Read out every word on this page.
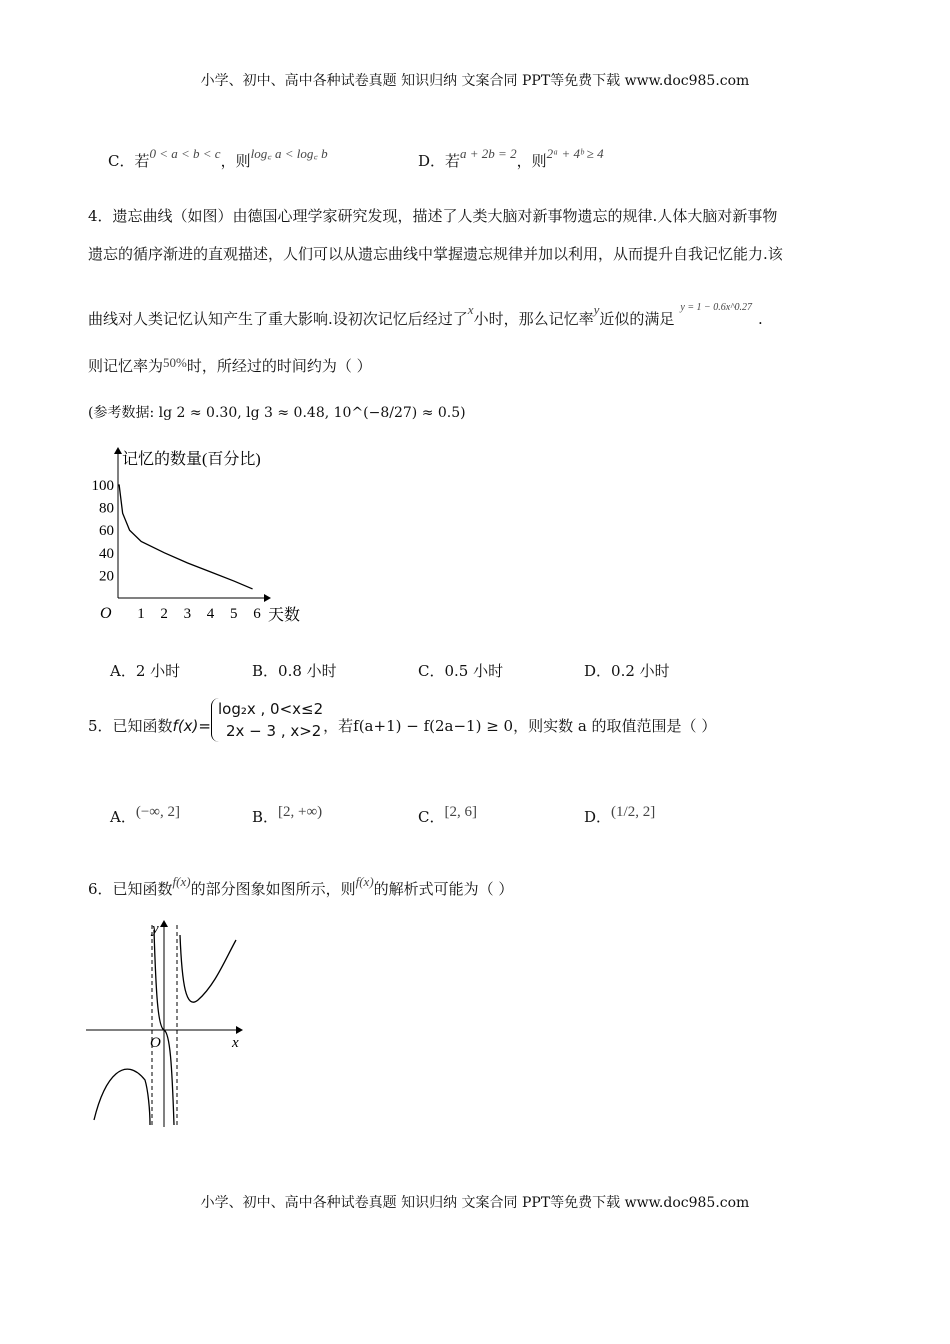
小学、初中、高中各种试卷真题 知识归纳 文案合同 PPT等免费下载 www.doc985.com
C．若0 < a < b < c，则log꜀ a < log꜀ b	D．若a + 2b = 2，则2ᵃ + 4ᵇ ≥ 4
4．遗忘曲线（如图）由德国心理学家研究发现，描述了人类大脑对新事物遗忘的规律.人体大脑对新事物
遗忘的循序渐进的直观描述，人们可以从遗忘曲线中掌握遗忘规律并加以利用，从而提升自我记忆能力.该
曲线对人类记忆认知产生了重大影响.设初次记忆后经过了x小时，那么记忆率y近似的满足$^{y = 1 - 0.6x\^{}0.27}$.
则记忆率为50%时，所经过的时间约为（ ）
(参考数据: lg 2 ≈ 0.30, lg 3 ≈ 0.48, 10^(−8/27) ≈ 0.5)
记忆的数量(百分比)
天数
O 1 2 3 4 5 6
20
40
60
80
100
5．已知函数f(x)=
log₂x , 0<x≤2
2x − 3 , x>2 ，若f(a+1) − f(2a−1) ≥ 0，则实数 a 的取值范围是（ ）
6．已知函数f(x)的部分图象如图所示，则f(x)的解析式可能为（ ）
y
x
O
小学、初中、高中各种试卷真题 知识归纳 文案合同 PPT等免费下载 www.doc985.com
A．2 小时
A．(−∞, 2]
B．0.8 小时
B．[2, +∞)
C．0.5 小时
C．[2, 6]
D．0.2 小时
D．(1/2, 2]
